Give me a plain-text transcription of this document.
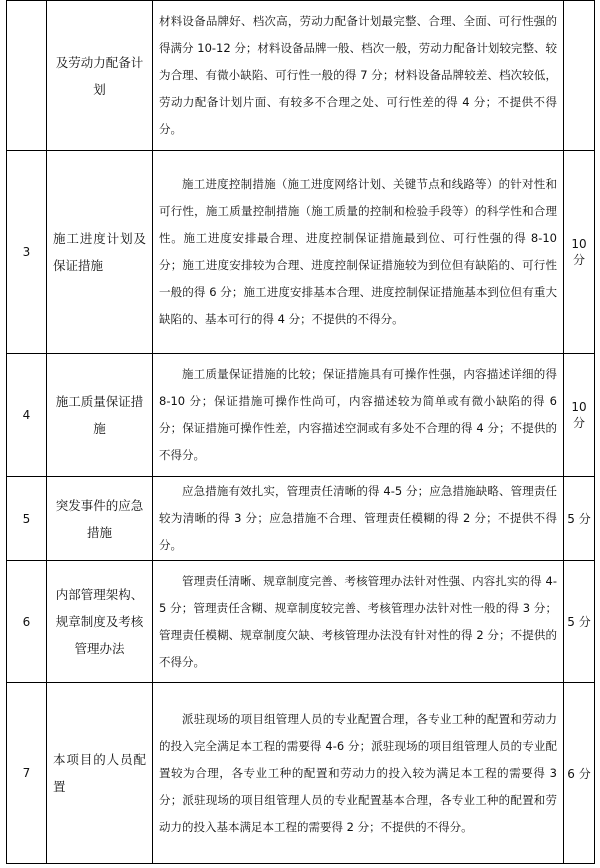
	及劳动力配备计划	材料设备品牌好、档次高，劳动力配备计划最完整、合理、全面、可行性强的得满分 10-12 分；材料设备品牌一般、档次一般，劳动力配备计划较完整、较为合理、有微小缺陷、可行性一般的得 7 分；材料设备品牌较差、档次较低，劳动力配备计划片面、有较多不合理之处、可行性差的得 4 分；不提供不得分。	

3	施工进度计划及保证措施	施工进度控制措施（施工进度网络计划、关键节点和线路等）的针对性和可行性，施工质量控制措施（施工质量的控制和检验手段等）的科学性和合理性。施工进度安排最合理、进度控制保证措施最到位、可行性强的得 8-10 分；施工进度安排较为合理、进度控制保证措施较为到位但有缺陷的、可行性一般的得 6 分；施工进度安排基本合理、进度控制保证措施基本到位但有重大缺陷的、基本可行的得 4 分；不提供的不得分。	10 分
4	施工质量保证措施	施工质量保证措施的比较；保证措施具有可操作性强，内容描述详细的得 8-10 分；保证措施可操作性尚可，内容描述较为简单或有微小缺陷的得 6 分；保证措施可操作性差，内容描述空洞或有多处不合理的得 4 分；不提供的不得分。	10 分
5	突发事件的应急措施	应急措施有效扎实，管理责任清晰的得 4-5 分；应急措施缺略、管理责任较为清晰的得 3 分；应急措施不合理、管理责任模糊的得 2 分；不提供不得分。	5 分
6	内部管理架构、规章制度及考核管理办法	管理责任清晰、规章制度完善、考核管理办法针对性强、内容扎实的得 4-5 分；管理责任含糊、规章制度较完善、考核管理办法针对性一般的得 3 分；管理责任模糊、规章制度欠缺、考核管理办法没有针对性的得 2 分；不提供的不得分。	5 分
7	本项目的人员配置	派驻现场的项目组管理人员的专业配置合理，各专业工种的配置和劳动力的投入完全满足本工程的需要得 4-6 分；派驻现场的项目组管理人员的专业配置较为合理，各专业工种的配置和劳动力的投入较为满足本工程的需要得 3 分；派驻现场的项目组管理人员的专业配置基本合理，各专业工种的配置和劳动力的投入基本满足本工程的需要得 2 分；不提供的不得分。	6 分
